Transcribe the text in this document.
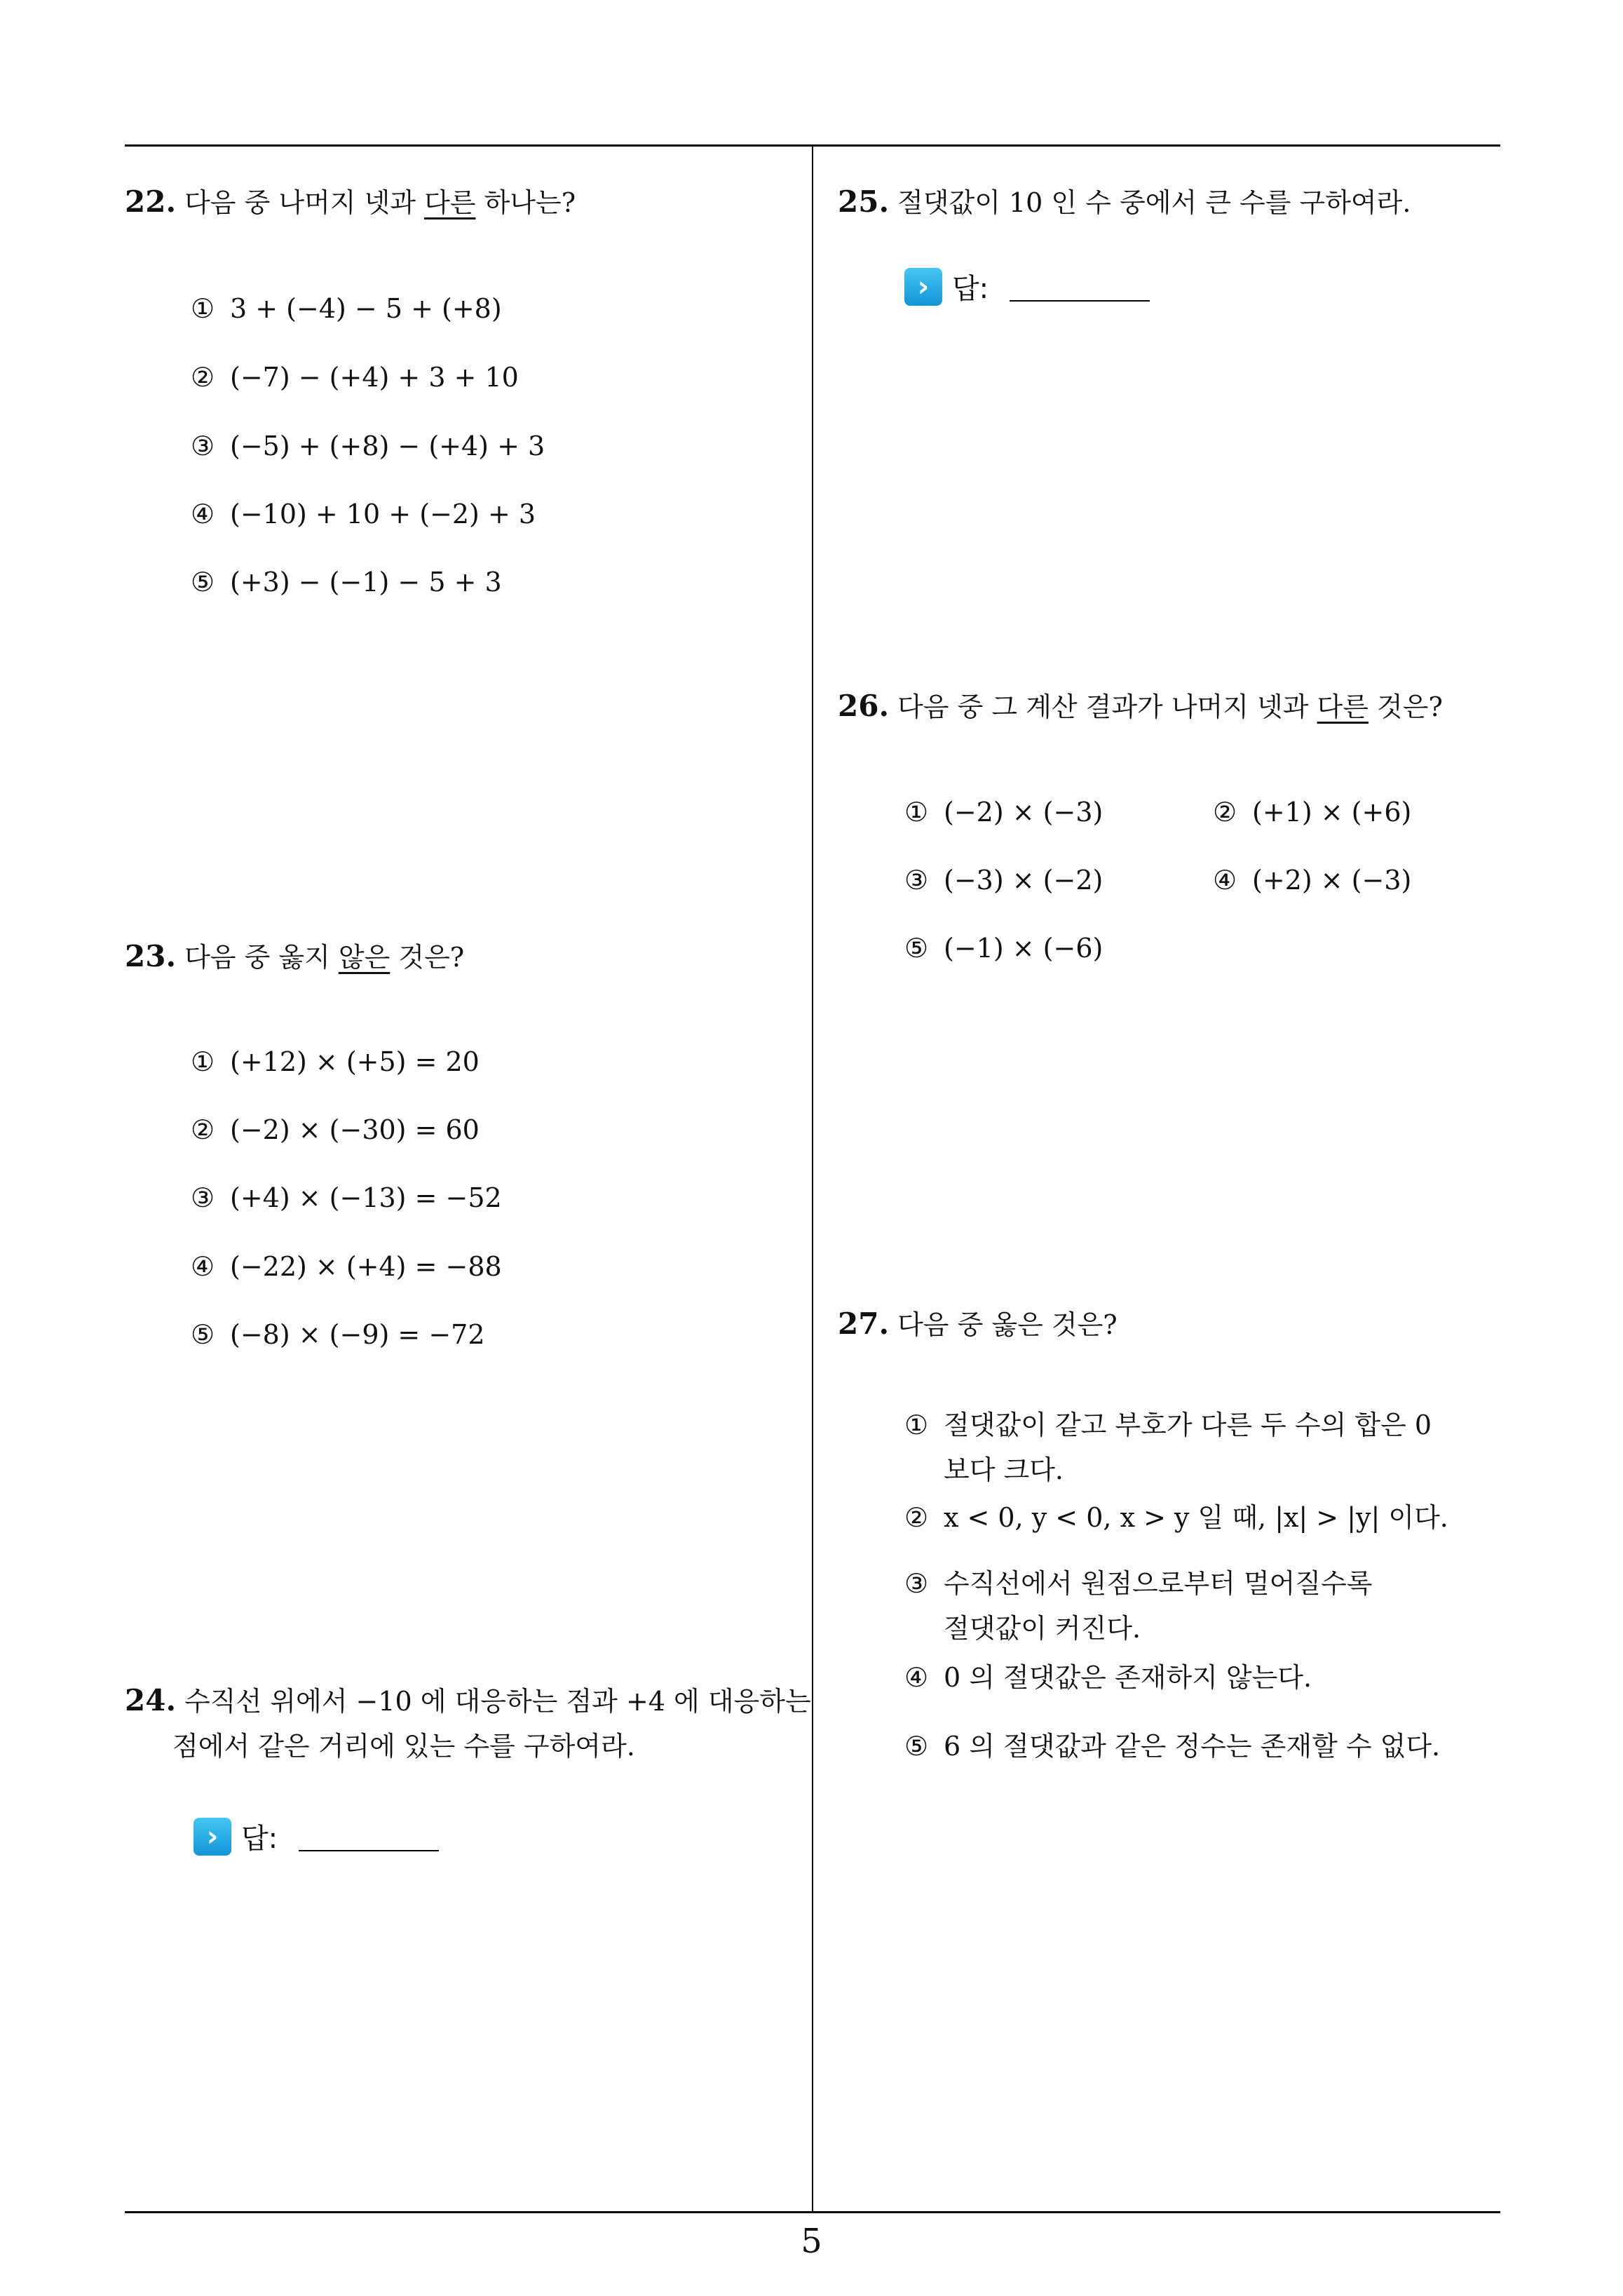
22. 다음 중 나머지 넷과 다른 하나는?
① 3 + (−4) − 5 + (+8)
② (−7) − (+4) + 3 + 10
③ (−5) + (+8) − (+4) + 3
④ (−10) + 10 + (−2) + 3
⑤ (+3) − (−1) − 5 + 3
23. 다음 중 옳지 않은 것은?
① (+12) × (+5) = 20
② (−2) × (−30) = 60
③ (+4) × (−13) = −52
④ (−22) × (+4) = −88
⑤ (−8) × (−9) = −72
24. 수직선 위에서 −10 에 대응하는 점과 +4 에 대응하는
점에서 같은 거리에 있는 수를 구하여라.
› 답:
25. 절댓값이 10 인 수 중에서 큰 수를 구하여라.
› 답:
26. 다음 중 그 계산 결과가 나머지 넷과 다른 것은?
① (−2) × (−3)	② (+1) × (+6)
③ (−3) × (−2)	④ (+2) × (−3)
⑤ (−1) × (−6)
27. 다음 중 옳은 것은?
① 절댓값이 같고 부호가 다른 두 수의 합은 0
보다 크다.
② x < 0, y < 0, x > y 일 때, |x| > |y| 이다.
③ 수직선에서 원점으로부터 멀어질수록
절댓값이 커진다.
④ 0 의 절댓값은 존재하지 않는다.
⑤ 6 의 절댓값과 같은 정수는 존재할 수 없다.
5
